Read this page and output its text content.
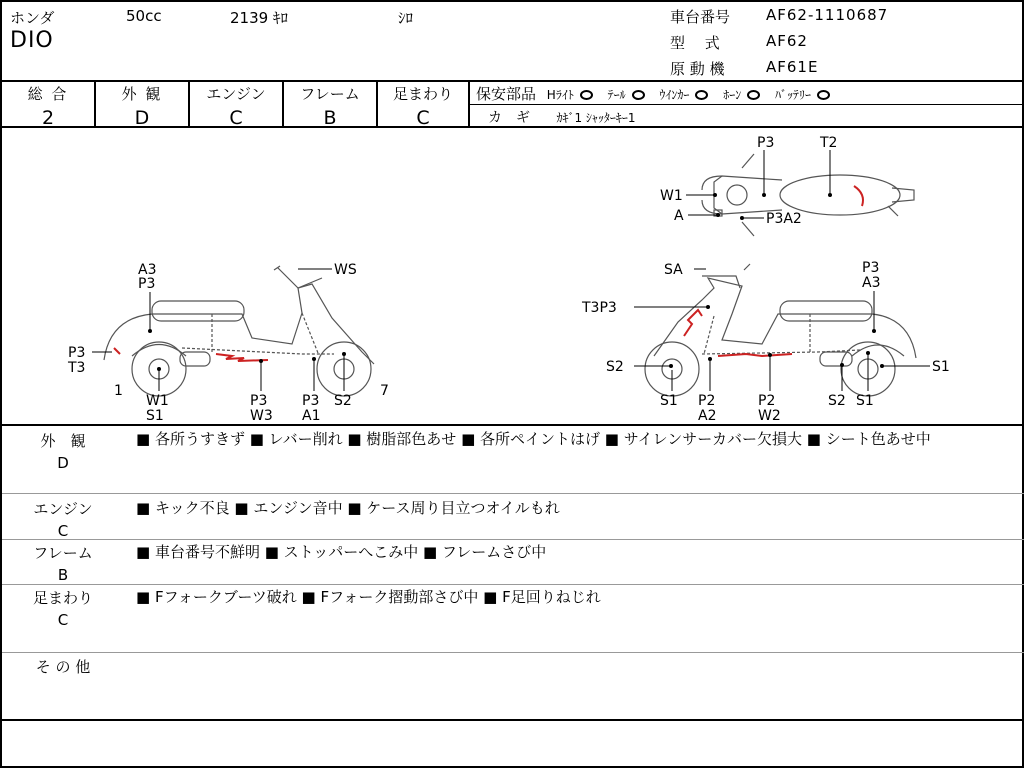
ホンダ	50cc	2139 ｷﾛ	ｼﾛ
DIO
車台番号 AF62-1110687
型　 式	AF62
原 動 機	AF61E
総 合
2
外 観
D
エンジン
C
フレーム
B
足まわり
C
保安部品 Hﾗｲﾄ	ﾃｰﾙ	ｳｲﾝｶｰ	ﾎｰﾝ	ﾊﾞｯﾃﾘｰ
カ　ギ ｶｷﾞ1 ｼｬｯﾀｰｷｰ1
P3	T2
W1
A	P3A2
A3
P3
WS
P3
T3
1
W1
S1
P3
W3
P3
A1
S2
7
SA	P3
A3
T3P3
S2	S1
S1 P2
A2
P2
W2
S2 S1
外　観
D
■ 各所うすきず ■ レバー削れ ■ 樹脂部色あせ ■ 各所ペイントはげ ■ サイレンサーカバー欠損大 ■ シート色あせ中
エンジン
C
■ キック不良 ■ エンジン音中 ■ ケース周り目立つオイルもれ
フレーム
B
■ 車台番号不鮮明 ■ ストッパーへこみ中 ■ フレームさび中
足まわり
C
■ Fフォークブーツ破れ ■ Fフォーク摺動部さび中 ■ F足回りねじれ
そ の 他
